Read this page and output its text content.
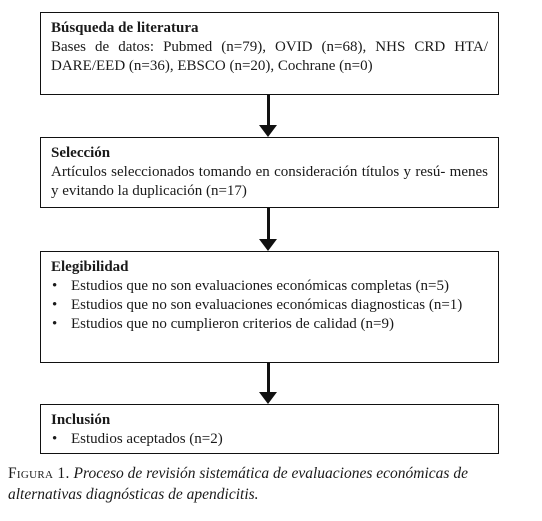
Búsqueda de literatura
Bases de datos: Pubmed (n=79), OVID (n=68), NHS CRD HTA/ DARE/EED (n=36), EBSCO (n=20), Cochrane (n=0)
Selección
Artículos seleccionados tomando en consideración títulos y resú- menes y evitando la duplicación (n=17)
Elegibilidad
• Estudios que no son evaluaciones económicas completas (n=5)
• Estudios que no son evaluaciones económicas diagnosticas (n=1)
• Estudios que no cumplieron criterios de calidad (n=9)
Inclusión
• Estudios aceptados (n=2)
Figura 1. Proceso de revisión sistemática de evaluaciones económicas de alternativas diagnósticas de apendicitis.
